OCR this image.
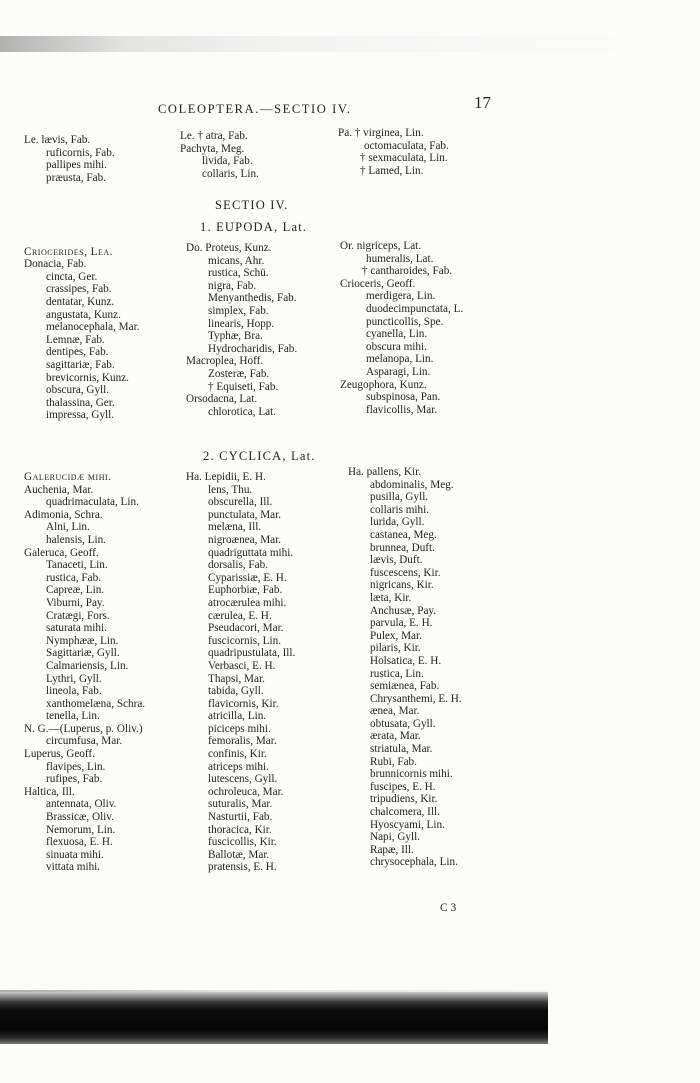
COLEOPTERA.—SECTIO IV.	17
Le. lævis, Fab.
ruficornis, Fab.
pallipes mihi.
præusta, Fab.
Le. † atra, Fab.
Pachyta, Meg.
livida, Fab.
collaris, Lin.
Pa. † virginea, Lin.
octomaculata, Fab.
† sexmaculata, Lin.
† Lamed, Lin.
SECTIO IV.
1. EUPODA, Lat.

Criocerides, Lea.
Donacia, Fab.
cincta, Ger.
crassipes, Fab.
dentatar, Kunz.
angustata, Kunz.
melanocephala, Mar.
Lemnæ, Fab.
dentipes, Fab.
sagittariæ, Fab.
brevicornis, Kunz.
obscura, Gyll.
thalassina, Ger.
impressa, Gyll.
Do. Proteus, Kunz.
micans, Ahr.
rustica, Schü.
nigra, Fab.
Menyanthedis, Fab.
simplex, Fab.
linearis, Hopp.
Typhæ, Bra.
Hydrocharidis, Fab.
Macroplea, Hoff.
Zosteræ, Fab.
† Equiseti, Fab.
Orsodacna, Lat.
chlorotica, Lat.
Or. nigriceps, Lat.
humeralis, Lat.
† cantharoides, Fab.
Crioceris, Geoff.
merdigera, Lin.
duodecimpunctata, L.
puncticollis, Spe.
cyanella, Lin.
obscura mihi.
melanopa, Lin.
Asparagi, Lin.
Zeugophora, Kunz.
subspinosa, Pan.
flavicollis, Mar.
2. CYCLICA, Lat.
Galerucidæ mihi.
Auchenia, Mar.
quadrimaculata, Lin.
Adimonia, Schra.
Alni, Lin.
halensis, Lin.
Galeruca, Geoff.
Tanaceti, Lin.
rustica, Fab.
Capreæ, Lin.
Viburni, Pay.
Cratægi, Fors.
saturata mihi.
Nymphææ, Lin.
Sagittariæ, Gyll.
Calmariensis, Lin.
Lythri, Gyll.
lineola, Fab.
xanthomelæna, Schra.
tenella, Lin.
N. G.—(Luperus, p. Oliv.)
circumfusa, Mar.
Luperus, Geoff.
flavipes, Lin.
rufipes, Fab.
Haltica, Ill.
antennata, Oliv.
Brassicæ, Oliv.
Nemorum, Lin.
flexuosa, E. H.
sinuata mihi.
vittata mihi.
Ha. Lepidii, E. H.
lens, Thu.
obscurella, Ill.
punctulata, Mar.
melæna, Ill.
nigroænea, Mar.
quadriguttata mihi.
dorsalis, Fab.
Cyparissiæ, E. H.
Euphorbiæ, Fab.
atrocærulea mihi.
cærulea, E. H.
Pseudacori, Mar.
fuscicornis, Lin.
quadripustulata, Ill.
Verbasci, E. H.
Thapsi, Mar.
tabida, Gyll.
flavicornis, Kir.
atricilla, Lin.
piciceps mihi.
femoralis, Mar.
confinis, Kir.
atriceps mihi.
lutescens, Gyll.
ochroleuca, Mar.
suturalis, Mar.
Nasturtii, Fab.
thoracica, Kir.
fuscicollis, Kir.
Ballotæ, Mar.
pratensis, E. H.
Ha. pallens, Kir.
abdominalis, Meg.
pusilla, Gyll.
collaris mihi.
lurida, Gyll.
castanea, Meg.
brunnea, Duft.
lævis, Duft.
fuscescens, Kir.
nigricans, Kir.
læta, Kir.
Anchusæ, Pay.
parvula, E. H.
Pulex, Mar.
pilaris, Kir.
Holsatica, E. H.
rustica, Lin.
semiænea, Fab.
Chrysanthemi, E. H.
ænea, Mar.
obtusata, Gyll.
ærata, Mar.
striatula, Mar.
Rubi, Fab.
brunnicornis mihi.
fuscipes, E. H.
tripudiens, Kir.
chalcomera, Ill.
Hyoscyami, Lin.
Napi, Gyll.
Rapæ, Ill.
chrysocephala, Lin.
C 3
